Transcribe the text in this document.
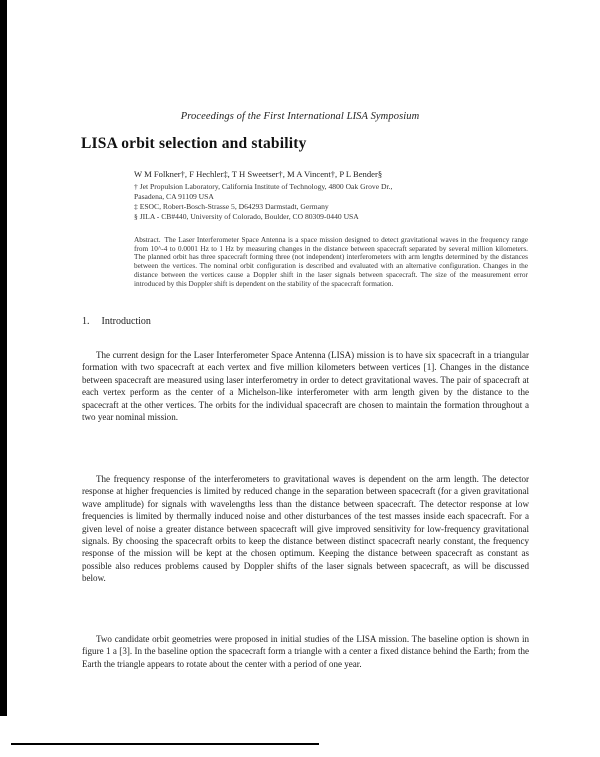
Proceedings of the First International LISA Symposium
LISA orbit selection and stability
W M Folkner†, F Hechler‡, T H Sweetser†, M A Vincent†, P L Bender§
† Jet Propulsion Laboratory, California Institute of Technology, 4800 Oak Grove Dr.,
Pasadena, CA 91109 USA
‡ ESOC, Robert-Bosch-Strasse 5, D64293 Darmstadt, Germany
§ JILA - CB#440, University of Colorado, Boulder, CO 80309-0440 USA
Abstract. The Laser Interferometer Space Antenna is a space mission designed to detect gravitational waves in the frequency range from 10^-4 to 0.0001 Hz to 1 Hz by measuring changes in the distance between spacecraft separated by several million kilometers. The planned orbit has three spacecraft forming three (not independent) interferometers with arm lengths determined by the distances between the vertices. The nominal orbit configuration is described and evaluated with an alternative configuration. Changes in the distance between the vertices cause a Doppler shift in the laser signals between spacecraft. The size of the measurement error introduced by this Doppler shift is dependent on the stability of the spacecraft formation.
1. Introduction

The current design for the Laser Interferometer Space Antenna (LISA) mission is to have six spacecraft in a triangular formation with two spacecraft at each vertex and five million kilometers between vertices [1]. Changes in the distance between spacecraft are measured using laser interferometry in order to detect gravitational waves. The pair of spacecraft at each vertex perform as the center of a Michelson-like interferometer with arm length given by the distance to the spacecraft at the other vertices. The orbits for the individual spacecraft are chosen to maintain the formation throughout a two year nominal mission.

The frequency response of the interferometers to gravitational waves is dependent on the arm length. The detector response at higher frequencies is limited by reduced change in the separation between spacecraft (for a given gravitational wave amplitude) for signals with wavelengths less than the distance between spacecraft. The detector response at low frequencies is limited by thermally induced noise and other disturbances of the test masses inside each spacecraft. For a given level of noise a greater distance between spacecraft will give improved sensitivity for low-frequency gravitational signals. By choosing the spacecraft orbits to keep the distance between distinct spacecraft nearly constant, the frequency response of the mission will be kept at the chosen optimum. Keeping the distance between spacecraft as constant as possible also reduces problems caused by Doppler shifts of the laser signals between spacecraft, as will be discussed below.

Two candidate orbit geometries were proposed in initial studies of the LISA mission. The baseline option is shown in figure 1 a [3]. In the baseline option the spacecraft form a triangle with a center a fixed distance behind the Earth; from the Earth the triangle appears to rotate about the center with a period of one year.
